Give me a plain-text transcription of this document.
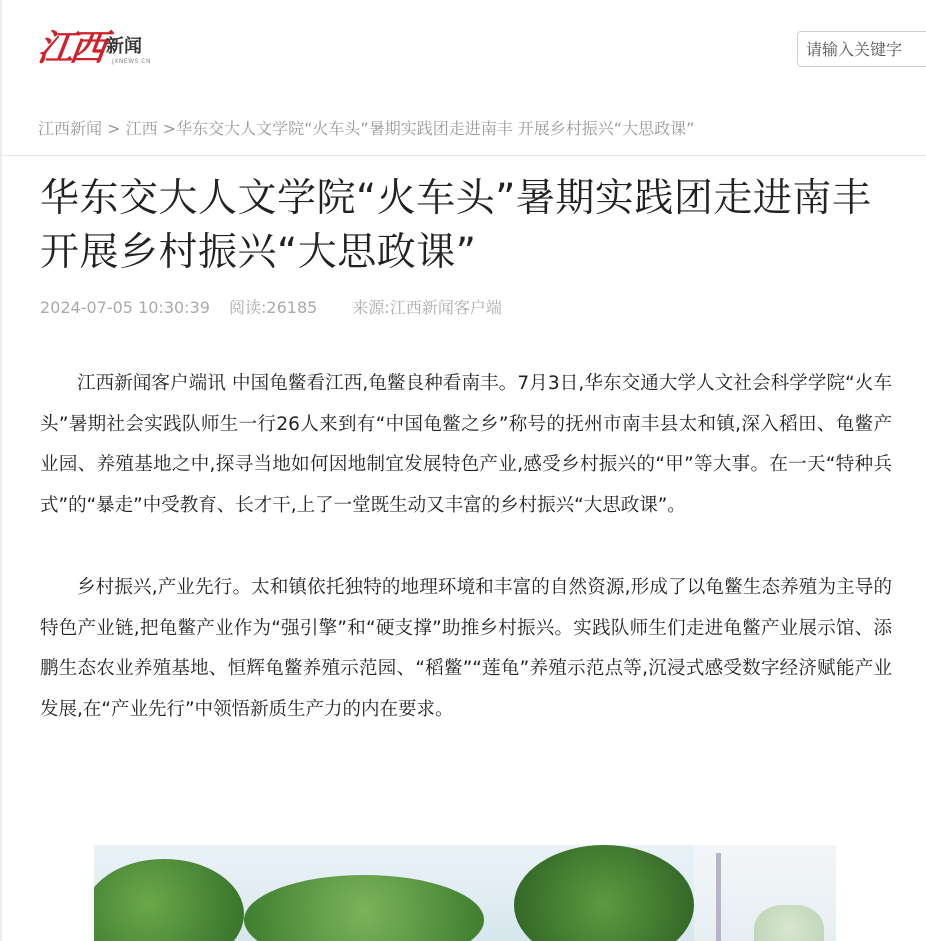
江西 新闻
JXNEWS.CN
请输入关键字
江西新闻 > 江西 >华东交大人文学院“火车头”暑期实践团走进南丰 开展乡村振兴“大思政课”
华东交大人文学院“火车头”暑期实践团走进南丰 开展乡村振兴“大思政课”
2024-07-05 10:30:39 阅读:26185 来源:江西新闻客户端

江西新闻客户端讯 中国龟鳖看江西,龟鳖良种看南丰。7月3日,华东交通大学人文社会科学学院“火车头”暑期社会实践队师生一行26人来到有“中国龟鳖之乡”称号的抚州市南丰县太和镇,深入稻田、龟鳖产业园、养殖基地之中,探寻当地如何因地制宜发展特色产业,感受乡村振兴的“甲”等大事。在一天“特种兵式”的“暴走”中受教育、长才干,上了一堂既生动又丰富的乡村振兴“大思政课”。

乡村振兴,产业先行。太和镇依托独特的地理环境和丰富的自然资源,形成了以龟鳖生态养殖为主导的特色产业链,把龟鳖产业作为“强引擎”和“硬支撑”助推乡村振兴。实践队师生们走进龟鳖产业展示馆、添鹏生态农业养殖基地、恒辉龟鳖养殖示范园、“稻鳖”“莲龟”养殖示范点等,沉浸式感受数字经济赋能产业发展,在“产业先行”中领悟新质生产力的内在要求。
